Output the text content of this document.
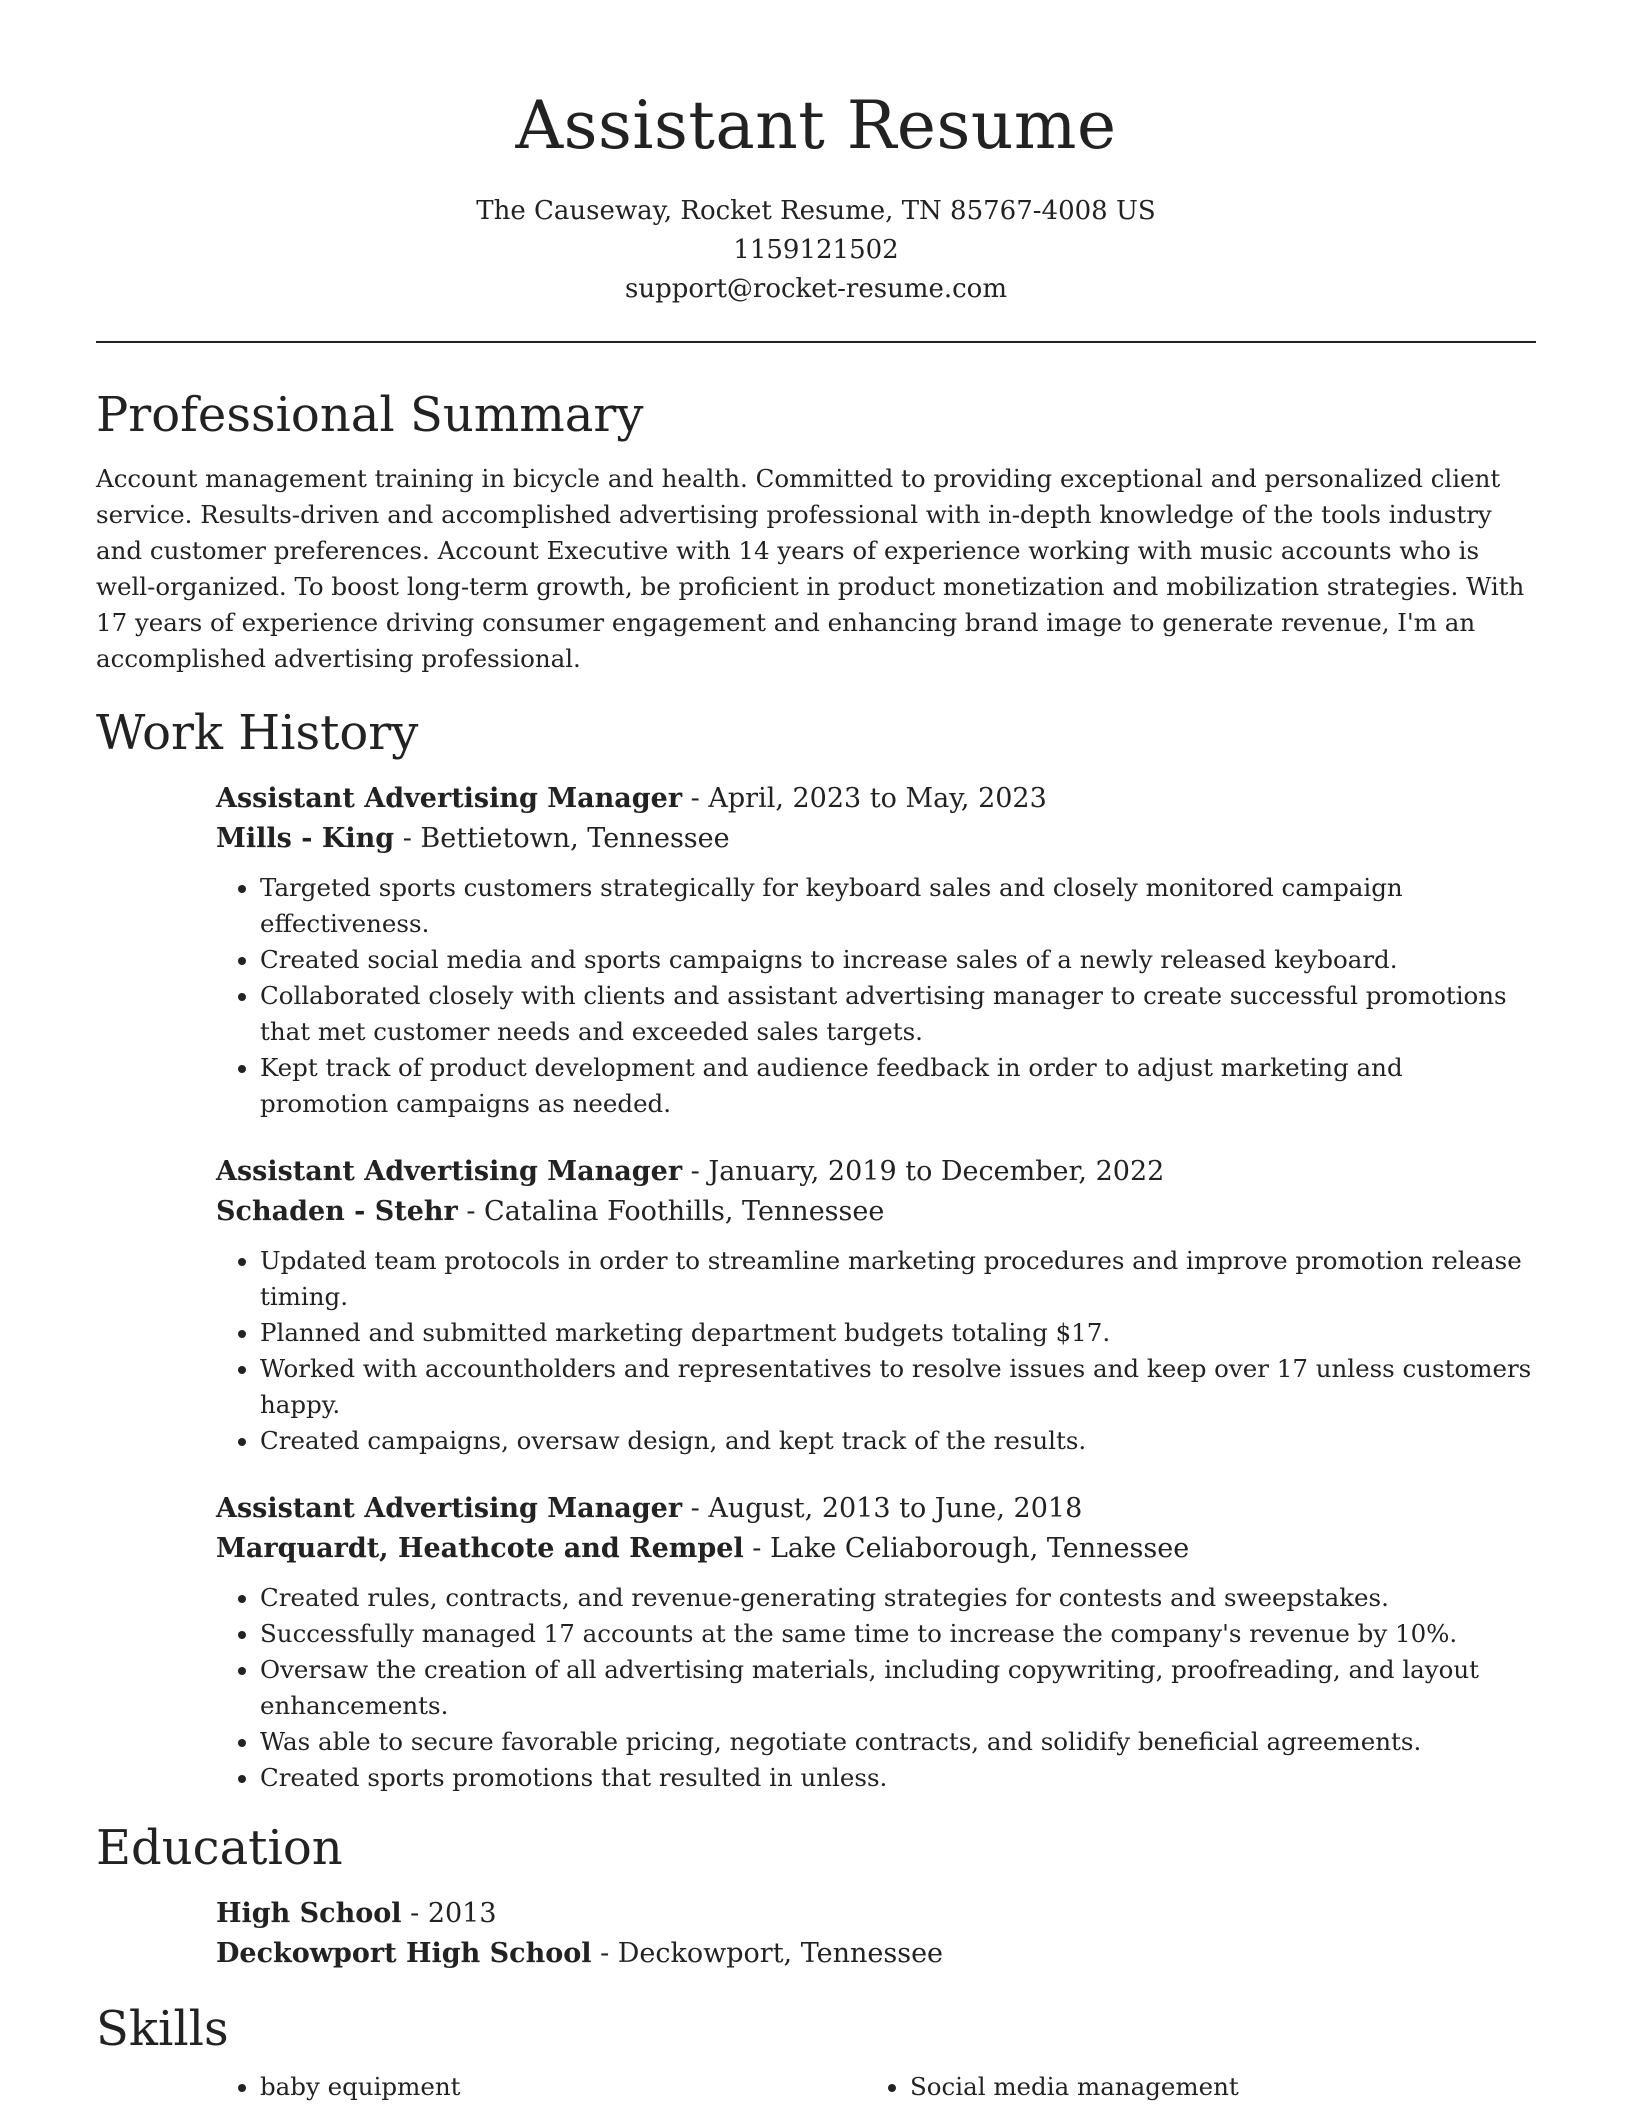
Assistant Resume
The Causeway, Rocket Resume, TN 85767-4008 US
1159121502
support@rocket-resume.com
Professional Summary

Account management training in bicycle and health. Committed to providing exceptional and personalized client service. Results-driven and accomplished advertising professional with in-depth knowledge of the tools industry and customer preferences. Account Executive with 14 years of experience working with music accounts who is well-organized. To boost long-term growth, be proficient in product monetization and mobilization strategies. With 17 years of experience driving consumer engagement and enhancing brand image to generate revenue, I'm an accomplished advertising professional.

Work History
Assistant Advertising Manager - April, 2023 to May, 2023
Mills - King - Bettietown, Tennessee
• Targeted sports customers strategically for keyboard sales and closely monitored campaign effectiveness.
• Created social media and sports campaigns to increase sales of a newly released keyboard.
• Collaborated closely with clients and assistant advertising manager to create successful promotions that met customer needs and exceeded sales targets.
• Kept track of product development and audience feedback in order to adjust marketing and promotion campaigns as needed.
Assistant Advertising Manager - January, 2019 to December, 2022
Schaden - Stehr - Catalina Foothills, Tennessee
• Updated team protocols in order to streamline marketing procedures and improve promotion release timing.
• Planned and submitted marketing department budgets totaling $17.
• Worked with accountholders and representatives to resolve issues and keep over 17 unless customers happy.
• Created campaigns, oversaw design, and kept track of the results.
Assistant Advertising Manager - August, 2013 to June, 2018
Marquardt, Heathcote and Rempel - Lake Celiaborough, Tennessee
• Created rules, contracts, and revenue-generating strategies for contests and sweepstakes.
• Successfully managed 17 accounts at the same time to increase the company's revenue by 10%.
• Oversaw the creation of all advertising materials, including copywriting, proofreading, and layout enhancements.
• Was able to secure favorable pricing, negotiate contracts, and solidify beneficial agreements.
• Created sports promotions that resulted in unless.
Education
High School - 2013
Deckowport High School - Deckowport, Tennessee
Skills
• baby equipment
•	Social media management
